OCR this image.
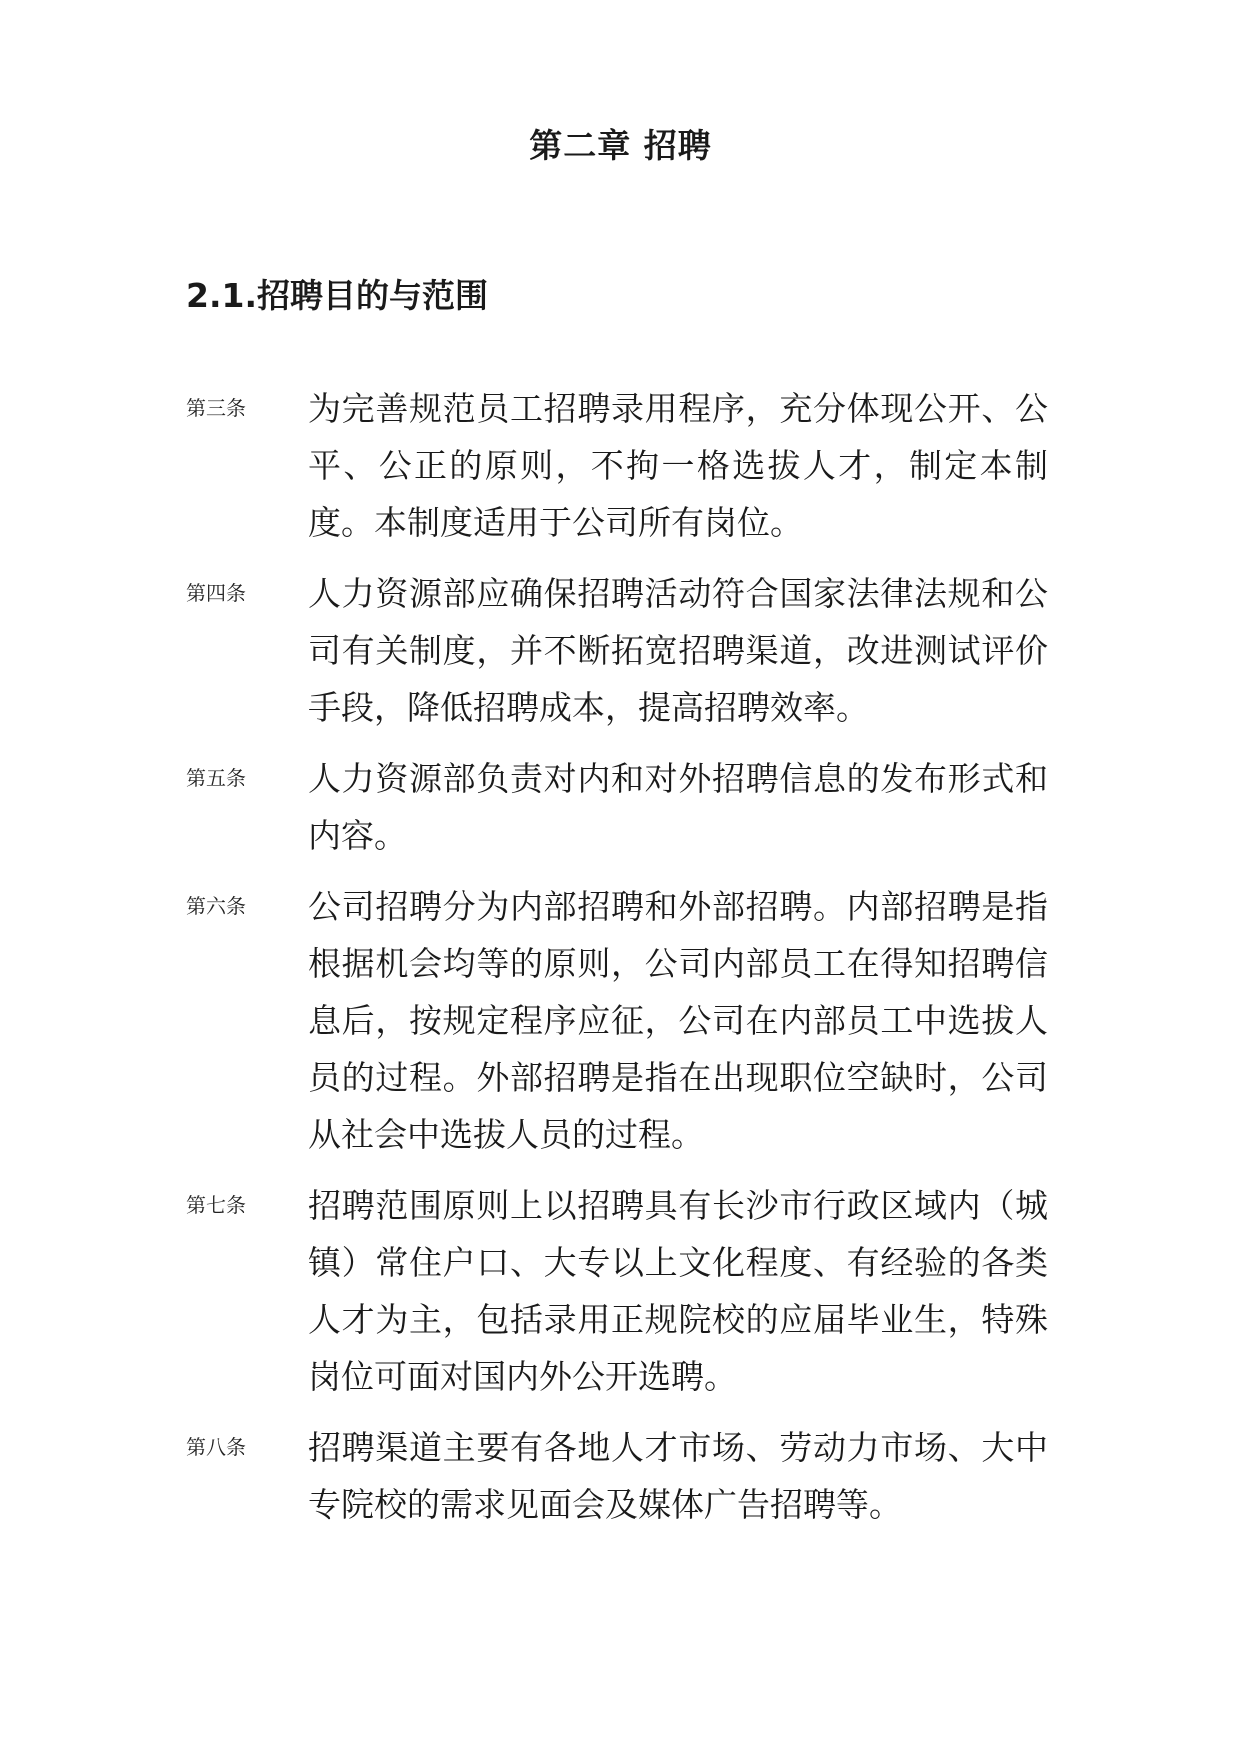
第二章 招聘
2.1.招聘目的与范围
第三条	为完善规范员工招聘录用程序，充分体现公开、公平、公正的原则，不拘一格选拔人才，制定本制度。本制度适用于公司所有岗位。
第四条	人力资源部应确保招聘活动符合国家法律法规和公司有关制度，并不断拓宽招聘渠道，改进测试评价手段，降低招聘成本，提高招聘效率。
第五条	人力资源部负责对内和对外招聘信息的发布形式和内容。
第六条	公司招聘分为内部招聘和外部招聘。内部招聘是指根据机会均等的原则，公司内部员工在得知招聘信息后，按规定程序应征，公司在内部员工中选拔人员的过程。外部招聘是指在出现职位空缺时，公司从社会中选拔人员的过程。
第七条	招聘范围原则上以招聘具有长沙市行政区域内（城镇）常住户口、大专以上文化程度、有经验的各类人才为主，包括录用正规院校的应届毕业生，特殊岗位可面对国内外公开选聘。
第八条	招聘渠道主要有各地人才市场、劳动力市场、大中专院校的需求见面会及媒体广告招聘等。
